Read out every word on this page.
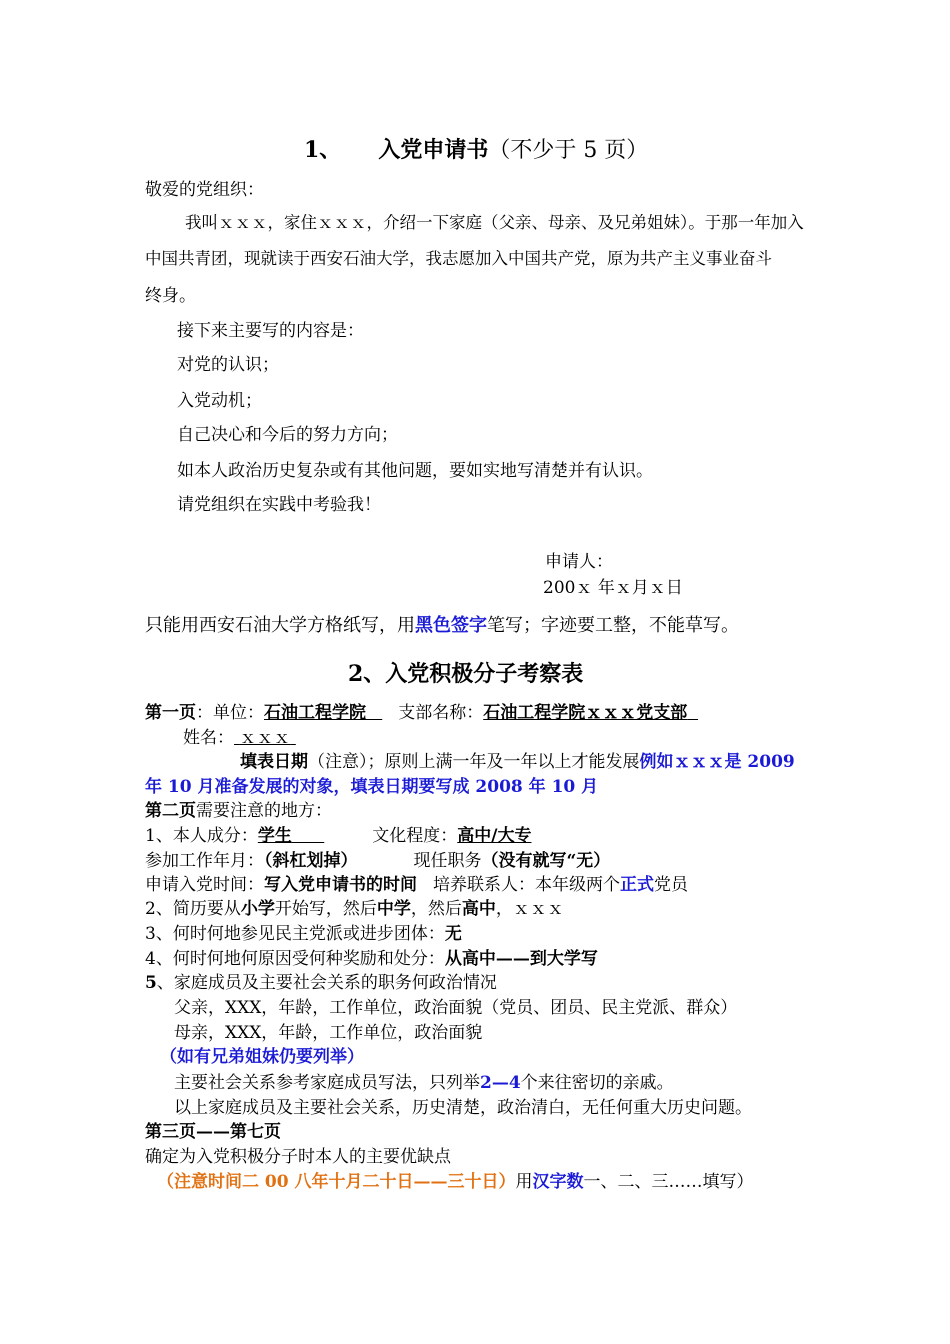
1、 入党申请书（不少于 5 页）
敬爱的党组织：
我叫ｘｘｘ，家住ｘｘｘ，介绍一下家庭（父亲、母亲、及兄弟姐妹）。于那一年加入
中国共青团，现就读于西安石油大学，我志愿加入中国共产党，原为共产主义事业奋斗
终身。
接下来主要写的内容是：
对党的认识；
入党动机；
自己决心和今后的努力方向；
如本人政治历史复杂或有其他问题，要如实地写清楚并有认识。
请党组织在实践中考验我！
申请人：
200ｘ 年ｘ月ｘ日
只能用西安石油大学方格纸写，用黑色签字笔写；字迹要工整，不能草写。
2、入党积极分子考察表
第一页：单位：石油工程学院 支部名称：石油工程学院ｘｘｘ党支部
姓名： ｘｘｘ
填表日期（注意）；原则上满一年及一年以上才能发展例如ｘｘｘ是 2009
年 10 月准备发展的对象，填表日期要写成 2008 年 10 月
第二页需要注意的地方：
1、本人成分：学生	文化程度：高中/大专
参加工作年月：（斜杠划掉）	现任职务（没有就写“无）
申请入党时间：写入党申请书的时间 培养联系人：本年级两个正式党员
2、简历要从小学开始写，然后中学，然后高中，ｘｘｘ
3、何时何地参见民主党派或进步团体：无
4、何时何地何原因受何种奖励和处分：从高中——到大学写
5、家庭成员及主要社会关系的职务何政治情况
父亲，XXX，年龄，工作单位，政治面貌（党员、团员、民主党派、群众）
母亲，XXX，年龄，工作单位，政治面貌
（如有兄弟姐妹仍要列举）
主要社会关系参考家庭成员写法，只列举2—4个来往密切的亲戚。
以上家庭成员及主要社会关系，历史清楚，政治清白，无任何重大历史问题。
第三页——第七页
确定为入党积极分子时本人的主要优缺点
（注意时间二 00 八年十月二十日——三十日）用汉字数一、二、三……填写）
